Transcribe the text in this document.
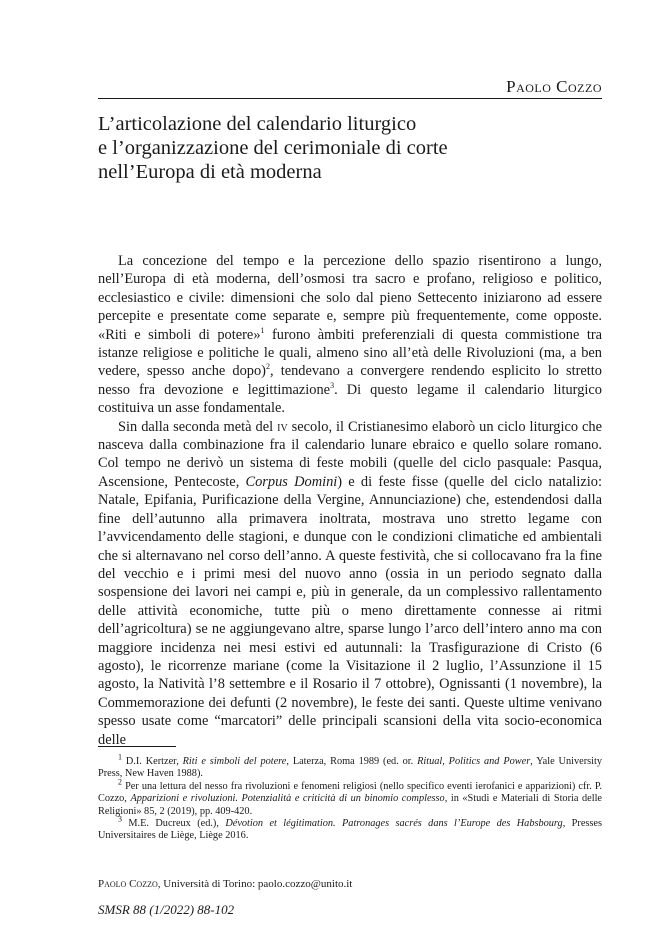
Paolo Cozzo
L’articolazione del calendario liturgico
e l’organizzazione del cerimoniale di corte
nell’Europa di età moderna

La concezione del tempo e la percezione dello spazio risentirono a lungo, nell’Europa di età moderna, dell’osmosi tra sacro e profano, religioso e politico, ecclesiastico e civile: dimensioni che solo dal pieno Settecento iniziarono ad essere percepite e presentate come separate e, sempre più frequentemente, come opposte. «Riti e simboli di potere»$^1$ furono àmbiti preferenziali di questa commistione tra istanze religiose e politiche le quali, almeno sino all’età delle Rivoluzioni (ma, a ben vedere, spesso anche dopo)$^2$, tendevano a convergere rendendo esplicito lo stretto nesso fra devozione e legittimazione$^3$. Di questo legame il calendario liturgico costituiva un asse fondamentale.

Sin dalla seconda metà del iv secolo, il Cristianesimo elaborò un ciclo liturgico che nasceva dalla combinazione fra il calendario lunare ebraico e quello solare romano. Col tempo ne derivò un sistema di feste mobili (quelle del ciclo pasquale: Pasqua, Ascensione, Pentecoste, Corpus Domini) e di feste fisse (quelle del ciclo natalizio: Natale, Epifania, Purificazione della Vergine, Annunciazione) che, estendendosi dalla fine dell’autunno alla primavera inoltrata, mostrava uno stretto legame con l’avvicendamento delle stagioni, e dunque con le condizioni climatiche ed ambientali che si alternavano nel corso dell’anno. A queste festività, che si collocavano fra la fine del vecchio e i primi mesi del nuovo anno (ossia in un periodo segnato dalla sospensione dei lavori nei campi e, più in generale, da un complessivo rallentamento delle attività economiche, tutte più o meno direttamente connesse ai ritmi dell’agricoltura) se ne aggiungevano altre, sparse lungo l’arco dell’intero anno ma con maggiore incidenza nei mesi estivi ed autunnali: la Trasfigurazione di Cristo (6 agosto), le ricorrenze mariane (come la Visitazione il 2 luglio, l’Assunzione il 15 agosto, la Natività l’8 settembre e il Rosario il 7 ottobre), Ognissanti (1 novembre), la Commemorazione dei defunti (2 novembre), le feste dei santi. Queste ultime venivano spesso usate come “marcatori” delle principali scansioni della vita socio-economica delle

$^1$ D.I. Kertzer, Riti e simboli del potere, Laterza, Roma 1989 (ed. or. Ritual, Politics and Power, Yale University Press, New Haven 1988).

$^2$ Per una lettura del nesso fra rivoluzioni e fenomeni religiosi (nello specifico eventi ierofanici e apparizioni) cfr. P. Cozzo, Apparizioni e rivoluzioni. Potenzialità e criticità di un binomio complesso, in «Studi e Materiali di Storia delle Religioni» 85, 2 (2019), pp. 409-420.

$^3$ M.E. Ducreux (ed.), Dévotion et légitimation. Patronages sacrés dans l’Europe des Habsbourg, Presses Universitaires de Liège, Liège 2016.

Paolo Cozzo, Università di Torino: paolo.cozzo@unito.it
SMSR 88 (1/2022) 88-102
